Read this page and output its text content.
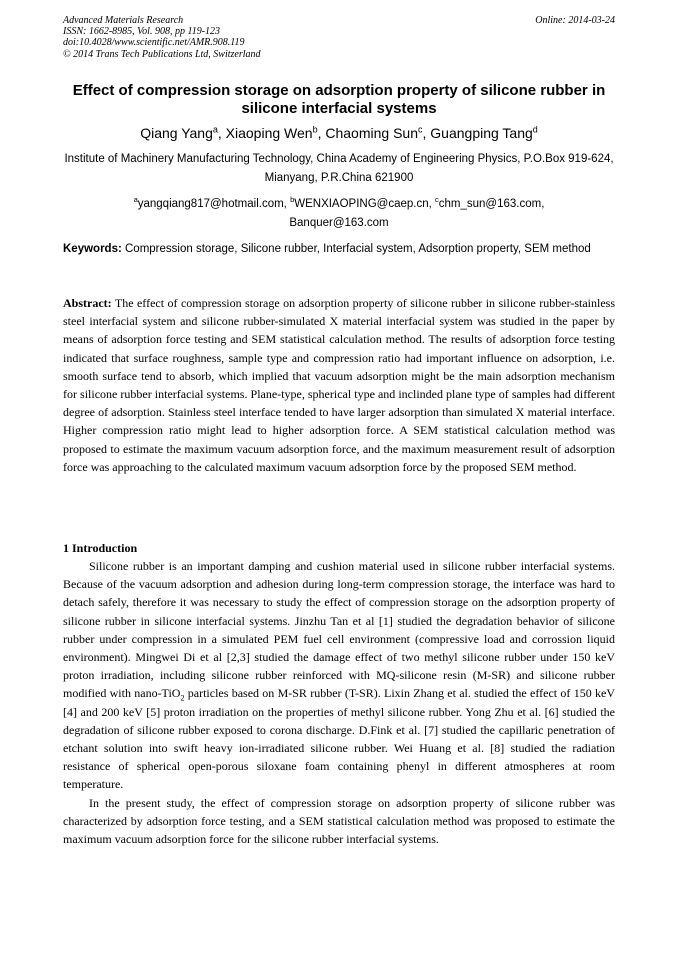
Advanced Materials Research
ISSN: 1662-8985, Vol. 908, pp 119-123
doi:10.4028/www.scientific.net/AMR.908.119
© 2014 Trans Tech Publications Ltd, Switzerland
Online: 2014-03-24
Effect of compression storage on adsorption property of silicone rubber in silicone interfacial systems
Qiang Yang$^a$, Xiaoping Wen$^b$, Chaoming Sun$^c$, Guangping Tang$^d$
Institute of Machinery Manufacturing Technology, China Academy of Engineering Physics, P.O.Box 919-624, Mianyang, P.R.China 621900
$^a$yangqiang817@hotmail.com, $^b$WENXIAOPING@caep.cn, $^c$chm_sun@163.com,
Banquer@163.com
Keywords: Compression storage, Silicone rubber, Interfacial system, Adsorption property, SEM method
Abstract: The effect of compression storage on adsorption property of silicone rubber in silicone rubber-stainless steel interfacial system and silicone rubber-simulated X material interfacial system was studied in the paper by means of adsorption force testing and SEM statistical calculation method. The results of adsorption force testing indicated that surface roughness, sample type and compression ratio had important influence on adsorption, i.e. smooth surface tend to absorb, which implied that vacuum adsorption might be the main adsorption mechanism for silicone rubber interfacial systems. Plane-type, spherical type and inclinded plane type of samples had different degree of adsorption. Stainless steel interface tended to have larger adsorption than simulated X material interface. Higher compression ratio might lead to higher adsorption force. A SEM statistical calculation method was proposed to estimate the maximum vacuum adsorption force, and the maximum measurement result of adsorption force was approaching to the calculated maximum vacuum adsorption force by the proposed SEM method.
1 Introduction

Silicone rubber is an important damping and cushion material used in silicone rubber interfacial systems. Because of the vacuum adsorption and adhesion during long-term compression storage, the interface was hard to detach safely, therefore it was necessary to study the effect of compression storage on the adsorption property of silicone rubber in silicone interfacial systems. Jinzhu Tan et al [1] studied the degradation behavior of silicone rubber under compression in a simulated PEM fuel cell environment (compressive load and corrossion liquid environment). Mingwei Di et al [2,3] studied the damage effect of two methyl silicone rubber under 150 keV proton irradiation, including silicone rubber reinforced with MQ-silicone resin (M-SR) and silicone rubber modified with nano-TiO$_2$ particles based on M-SR rubber (T-SR). Lixin Zhang et al. studied the effect of 150 keV [4] and 200 keV [5] proton irradiation on the properties of methyl silicone rubber. Yong Zhu et al. [6] studied the degradation of silicone rubber exposed to corona discharge. D.Fink et al. [7] studied the capillaric penetration of etchant solution into swift heavy ion-irradiated silicone rubber. Wei Huang et al. [8] studied the radiation resistance of spherical open-porous siloxane foam containing phenyl in different atmospheres at room temperature.

In the present study, the effect of compression storage on adsorption property of silicone rubber was characterized by adsorption force testing, and a SEM statistical calculation method was proposed to estimate the maximum vacuum adsorption force for the silicone rubber interfacial systems.
